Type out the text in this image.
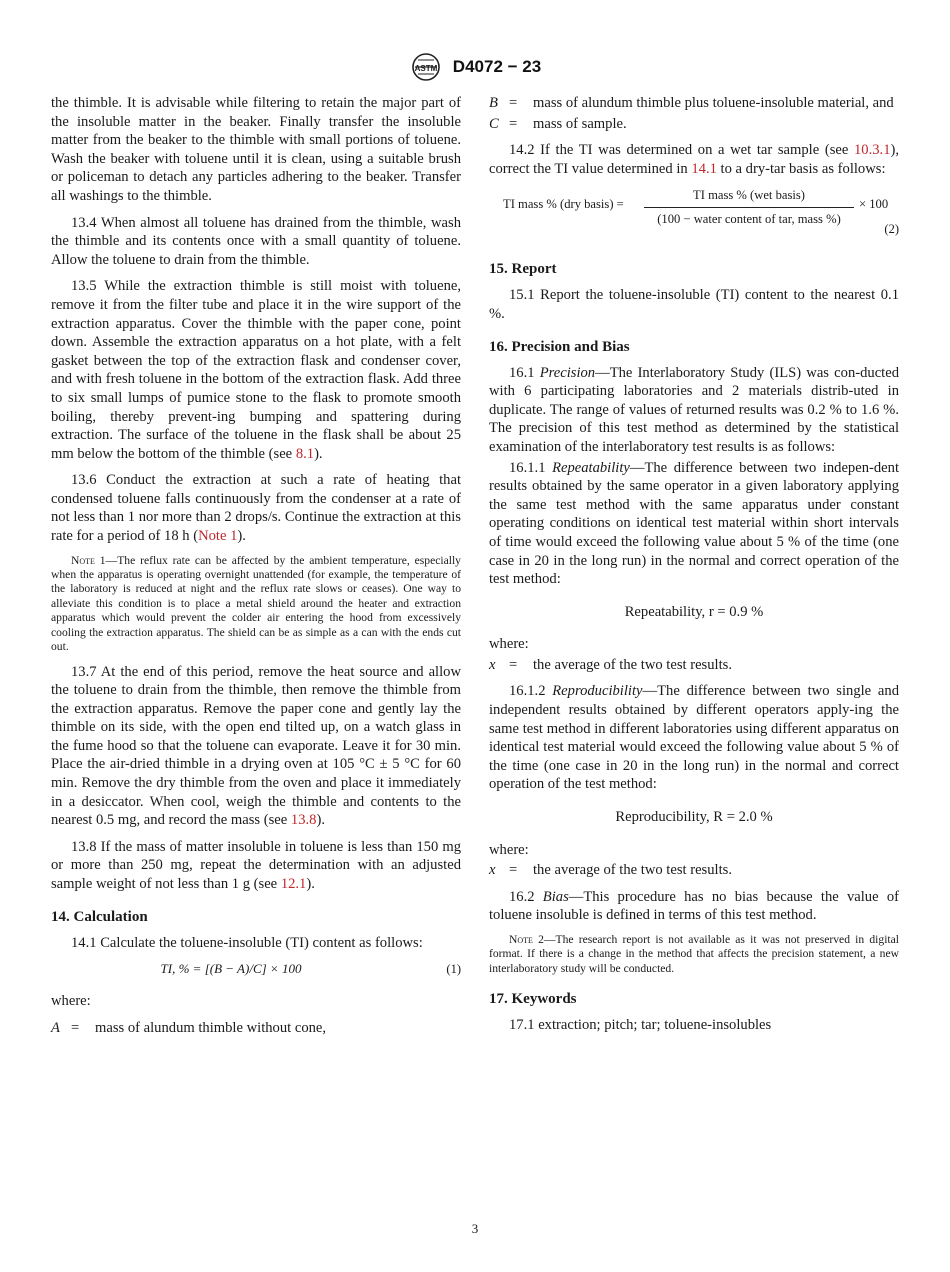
ASTM D4072 − 23

the thimble. It is advisable while filtering to retain the major part of the insoluble matter in the beaker. Finally transfer the insoluble matter from the beaker to the thimble with small portions of toluene. Wash the beaker with toluene until it is clean, using a suitable brush or policeman to detach any particles adhering to the beaker. Transfer all washings to the thimble.

13.4 When almost all toluene has drained from the thimble, wash the thimble and its contents once with a small quantity of toluene. Allow the toluene to drain from the thimble.

13.5 While the extraction thimble is still moist with toluene, remove it from the filter tube and place it in the wire support of the extraction apparatus. Cover the thimble with the paper cone, point down. Assemble the extraction apparatus on a hot plate, with a felt gasket between the top of the extraction flask and condenser cover, and with fresh toluene in the bottom of the extraction flask. Add three to six small lumps of pumice stone to the flask to promote smooth boiling, thereby prevent-ing bumping and spattering during extraction. The surface of the toluene in the flask shall be about 25 mm below the bottom of the thimble (see 8.1).

13.6 Conduct the extraction at such a rate of heating that condensed toluene falls continuously from the condenser at a rate of not less than 1 nor more than 2 drops/s. Continue the extraction at this rate for a period of 18 h (Note 1).

Note 1—The reflux rate can be affected by the ambient temperature, especially when the apparatus is operating overnight unattended (for example, the temperature of the laboratory is reduced at night and the reflux rate slows or ceases). One way to alleviate this condition is to place a metal shield around the heater and extraction apparatus which would prevent the colder air entering the hood from excessively cooling the extraction apparatus. The shield can be as simple as a can with the ends cut out.

13.7 At the end of this period, remove the heat source and allow the toluene to drain from the thimble, then remove the thimble from the extraction apparatus. Remove the paper cone and gently lay the thimble on its side, with the open end tilted up, on a watch glass in the fume hood so that the toluene can evaporate. Leave it for 30 min. Place the air-dried thimble in a drying oven at 105 °C ± 5 °C for 60 min. Remove the dry thimble from the oven and place it immediately in a desiccator. When cool, weigh the thimble and contents to the nearest 0.5 mg, and record the mass (see 13.8).

13.8 If the mass of matter insoluble in toluene is less than 150 mg or more than 250 mg, repeat the determination with an adjusted sample weight of not less than 1 g (see 12.1).

14. Calculation

14.1 Calculate the toluene-insoluble (TI) content as follows:

TI, % = [(B − A)/C] × 100	(1)

where:

A = mass of alundum thimble without cone,
B = mass of alundum thimble plus toluene-insoluble material, and
C = mass of sample.

14.2 If the TI was determined on a wet tar sample (see 10.3.1), correct the TI value determined in 14.1 to a dry-tar basis as follows:

TI mass % (dry basis) =
TI mass % (wet basis)
(100 − water content of tar, mass %)
× 100
(2)
15. Report

15.1 Report the toluene-insoluble (TI) content to the nearest 0.1 %.

16. Precision and Bias

16.1 Precision—The Interlaboratory Study (ILS) was con-ducted with 6 participating laboratories and 2 materials distrib-uted in duplicate. The range of values of returned results was 0.2 % to 1.6 %. The precision of this test method as determined by the statistical examination of the interlaboratory test results is as follows:

16.1.1 Repeatability—The difference between two indepen-dent results obtained by the same operator in a given laboratory applying the same test method with the same apparatus under constant operating conditions on identical test material within short intervals of time would exceed the following value about 5 % of the time (one case in 20 in the long run) in the normal and correct operation of the test method:

Repeatability, r = 0.9 %

where:

x = the average of the two test results.

16.1.2 Reproducibility—The difference between two single and independent results obtained by different operators apply-ing the same test method in different laboratories using different apparatus on identical test material would exceed the following value about 5 % of the time (one case in 20 in the long run) in the normal and correct operation of the test method:

Reproducibility, R = 2.0 %

where:

x = the average of the two test results.

16.2 Bias—This procedure has no bias because the value of toluene insoluble is defined in terms of this test method.

Note 2—The research report is not available as it was not preserved in digital format. If there is a change in the method that affects the precision statement, a new interlaboratory study will be conducted.
17. Keywords

17.1 extraction; pitch; tar; toluene-insolubles

3
